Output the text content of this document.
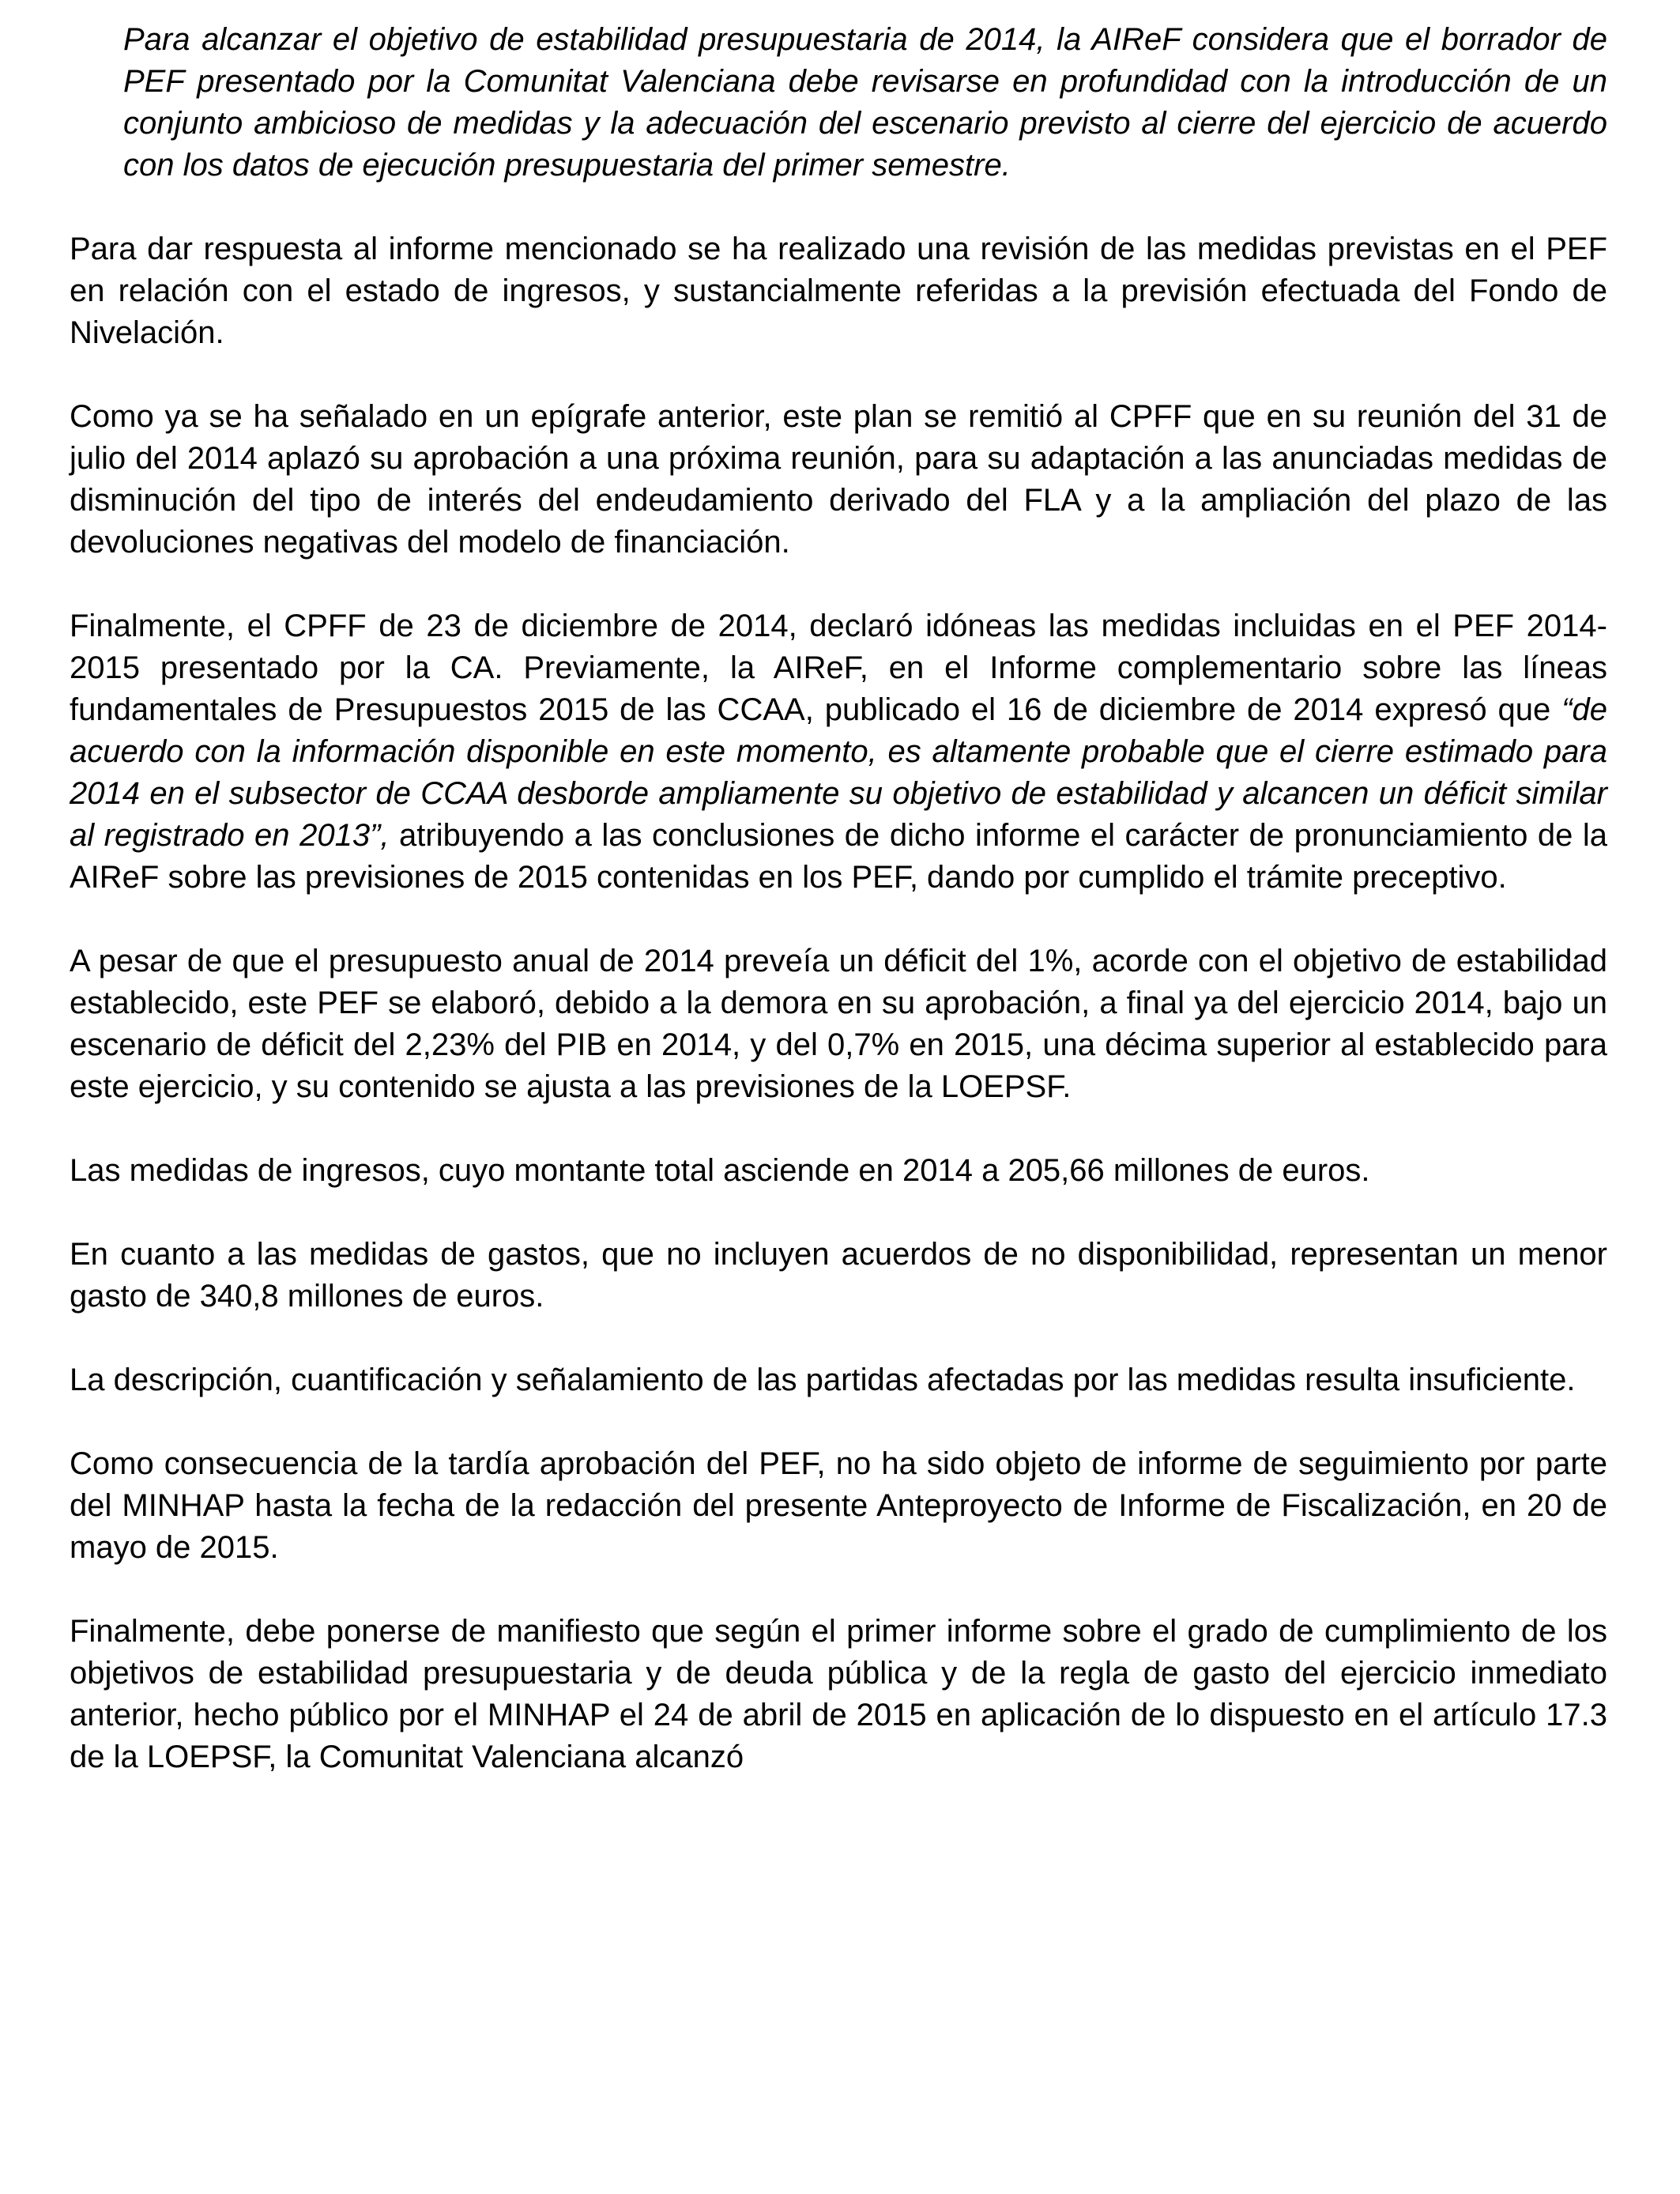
Para alcanzar el objetivo de estabilidad presupuestaria de 2014, la AIReF considera que el borrador de PEF presentado por la Comunitat Valenciana debe revisarse en profundidad con la introducción de un conjunto ambicioso de medidas y la adecuación del escenario previsto al cierre del ejercicio de acuerdo con los datos de ejecución presupuestaria del primer semestre.

Para dar respuesta al informe mencionado se ha realizado una revisión de las medidas previstas en el PEF en relación con el estado de ingresos, y sustancialmente referidas a la previsión efectuada del Fondo de Nivelación.

Como ya se ha señalado en un epígrafe anterior, este plan se remitió al CPFF que en su reunión del 31 de julio del 2014 aplazó su aprobación a una próxima reunión, para su adaptación a las anunciadas medidas de disminución del tipo de interés del endeudamiento derivado del FLA y a la ampliación del plazo de las devoluciones negativas del modelo de financiación.

Finalmente, el CPFF de 23 de diciembre de 2014, declaró idóneas las medidas incluidas en el PEF 2014-2015 presentado por la CA. Previamente, la AIReF, en el Informe complementario sobre las líneas fundamentales de Presupuestos 2015 de las CCAA, publicado el 16 de diciembre de 2014 expresó que “de acuerdo con la información disponible en este momento, es altamente probable que el cierre estimado para 2014 en el subsector de CCAA desborde ampliamente su objetivo de estabilidad y alcancen un déficit similar al registrado en 2013”, atribuyendo a las conclusiones de dicho informe el carácter de pronunciamiento de la AIReF sobre las previsiones de 2015 contenidas en los PEF, dando por cumplido el trámite preceptivo.

A pesar de que el presupuesto anual de 2014 preveía un déficit del 1%, acorde con el objetivo de estabilidad establecido, este PEF se elaboró, debido a la demora en su aprobación, a final ya del ejercicio 2014, bajo un escenario de déficit del 2,23% del PIB en 2014, y del 0,7% en 2015, una décima superior al establecido para este ejercicio, y su contenido se ajusta a las previsiones de la LOEPSF.

Las medidas de ingresos, cuyo montante total asciende en 2014 a 205,66 millones de euros.

En cuanto a las medidas de gastos, que no incluyen acuerdos de no disponibilidad, representan un menor gasto de 340,8 millones de euros.

La descripción, cuantificación y señalamiento de las partidas afectadas por las medidas resulta insuficiente.

Como consecuencia de la tardía aprobación del PEF, no ha sido objeto de informe de seguimiento por parte del MINHAP hasta la fecha de la redacción del presente Anteproyecto de Informe de Fiscalización, en 20 de mayo de 2015.

Finalmente, debe ponerse de manifiesto que según el primer informe sobre el grado de cumplimiento de los objetivos de estabilidad presupuestaria y de deuda pública y de la regla de gasto del ejercicio inmediato anterior, hecho público por el MINHAP el 24 de abril de 2015 en aplicación de lo dispuesto en el artículo 17.3 de la LOEPSF, la Comunitat Valenciana alcanzó
